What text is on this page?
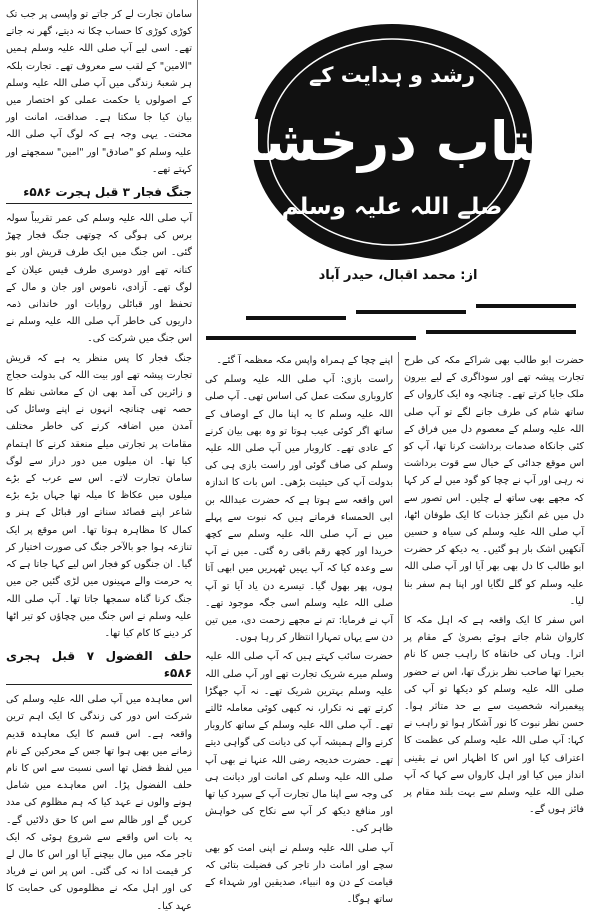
رشد و ہدایت کے
آفتاب درخشاں
صلے اللہ علیہ وسلم
از: محمد اقبال، حیدر آباد

حضرت ابو طالب بھی شراکے مکہ کی طرح تجارت پیشہ تھے اور سوداگری کے لیے بیرون ملک جایا کرتے تھے۔ چنانچہ وہ ایک کارواں کے ساتھ شام کی طرف جانے لگے تو آپ صلی اللہ علیہ وسلم کے معصوم دل میں فراق کے کئی جانکاہ صدمات برداشت کرنا تھا، آپ کو اس موقع جدائی کے خیال سے قوت برداشت نہ رہی اور آپ نے چچا کو گود میں لے کر کہا کہ مجھے بھی ساتھ لے چلیں۔ اس تصور سے دل میں غم انگیز جذبات کا ایک طوفان اٹھا، آپ صلی اللہ علیہ وسلم کی سیاہ و حسین آنکھیں اشک بار ہو گئیں۔ یہ دیکھ کر حضرت ابو طالب کا دل بھی بھر آیا اور آپ صلی اللہ علیہ وسلم کو گلے لگایا اور اپنا ہم سفر بنا لیا۔

اس سفر کا ایک واقعہ ہے کہ اہل مکہ کا کاروان شام جاتے ہوئے بصریٰ کے مقام پر اترا۔ وہاں کی خانقاہ کا راہب جس کا نام بحیرا تھا صاحب نظر بزرگ تھا، اس نے حضور صلی اللہ علیہ وسلم کو دیکھا تو آپ کی پیغمبرانہ شخصیت سے بے حد متاثر ہوا۔ حسن نظر نبوت کا نور آشکار ہوا تو راہب نے کہا: آپ صلی اللہ علیہ وسلم کی عظمت کا اعتراف کیا اور اس کا اظہار اس نے یقینی انداز میں کیا اور اہل کارواں سے کہا کہ آپ صلی اللہ علیہ وسلم سے بہت بلند مقام پر فائز ہوں گے۔

اپنے چچا کے ہمراہ واپس مکہ معظمہ آ گئے۔

راست بازی: آپ صلی اللہ علیہ وسلم کی کاروباری سکت عمل کی اساس تھی۔ آپ صلی اللہ علیہ وسلم کا یہ اپنا مال کے اوصاف کے ساتھ اگر کوئی عیب ہوتا تو وہ بھی بیان کرنے کے عادی تھے۔ کاروبار میں آپ صلی اللہ علیہ وسلم کی صاف گوئی اور راست بازی ہی کی بدولت آپ کی حیثیت بڑھی۔ اس بات کا اندازہ اس واقعہ سے ہوتا ہے کہ حضرت عبداللہ بن ابی الحمساء فرماتے ہیں کہ نبوت سے پہلے میں نے آپ صلی اللہ علیہ وسلم سے کچھ خریدا اور کچھ رقم باقی رہ گئی۔ میں نے آپ سے وعدہ کیا کہ آپ یہیں ٹھہریں میں ابھی آتا ہوں، پھر بھول گیا۔ تیسرے دن یاد آیا تو آپ صلی اللہ علیہ وسلم اسی جگہ موجود تھے۔ آپ نے فرمایا: تم نے مجھے زحمت دی، میں تین دن سے یہاں تمہارا انتظار کر رہا ہوں۔

حضرت سائب کہتے ہیں کہ آپ صلی اللہ علیہ وسلم میرے شریک تجارت تھے اور آپ صلی اللہ علیہ وسلم بہترین شریک تھے۔ نہ آپ جھگڑا کرتے تھے نہ تکرار، نہ کبھی کوئی معاملہ ٹالتے تھے۔ آپ صلی اللہ علیہ وسلم کے ساتھ کاروبار کرنے والے ہمیشہ آپ کی دیانت کی گواہی دیتے تھے۔ حضرت خدیجہ رضی اللہ عنہا نے بھی آپ صلی اللہ علیہ وسلم کی امانت اور دیانت ہی کی وجہ سے اپنا مال تجارت آپ کے سپرد کیا تھا اور منافع دیکھ کر آپ سے نکاح کی خواہش ظاہر کی۔

آپ صلی اللہ علیہ وسلم نے اپنی امت کو بھی سچے اور امانت دار تاجر کی فضیلت بتائی کہ قیامت کے دن وہ انبیاء، صدیقین اور شہداء کے ساتھ ہوگا۔

سامان تجارت لے کر جاتے تو واپسی پر جب تک کوڑی کوڑی کا حساب چکا نہ دیتے، گھر نہ جاتے تھے۔ اسی لیے آپ صلی اللہ علیہ وسلم ہمیں "الامین" کے لقب سے معروف تھے۔ تجارت بلکہ ہر شعبۂ زندگی میں آپ صلی اللہ علیہ وسلم کے اصولوں یا حکمت عملی کو اختصار میں بیان کیا جا سکتا ہے۔ صداقت، امانت اور محنت۔ یہی وجہ ہے کہ لوگ آپ صلی اللہ علیہ وسلم کو "صادق" اور "امین" سمجھتے اور کہتے تھے۔

جنگ فجار ۳ قبل ہجرت ۵۸۶ء

آپ صلی اللہ علیہ وسلم کی عمر تقریباً سولہ برس کی ہوگی کہ چوتھی جنگ فجار چھڑ گئی۔ اس جنگ میں ایک طرف قریش اور بنو کنانہ تھے اور دوسری طرف قیس عیلان کے لوگ تھے۔ آزادی، ناموس اور جان و مال کے تحفظ اور قبائلی روایات اور خاندانی ذمہ داریوں کی خاطر آپ صلی اللہ علیہ وسلم نے اس جنگ میں شرکت کی۔

جنگ فجار کا پس منظر یہ ہے کہ قریش تجارت پیشہ تھے اور بیت اللہ کی بدولت حجاج و زائرین کی آمد بھی ان کے معاشی نظم کا حصہ تھی چنانچہ انہوں نے اپنے وسائل کی آمدن میں اضافہ کرنے کی خاطر مختلف مقامات پر تجارتی میلے منعقد کرنے کا اہتمام کیا تھا۔ ان میلوں میں دور دراز سے لوگ سامان تجارت لاتے۔ اس سے عرب کے بڑے میلوں میں عکاظ کا میلہ تھا جہاں بڑے بڑے شاعر اپنے قصائد سناتے اور قبائل کے ہنر و کمال کا مظاہرہ ہوتا تھا۔ اس موقع پر ایک تنازعہ ہوا جو بالآخر جنگ کی صورت اختیار کر گیا۔ ان جنگوں کو فجار اس لیے کہا جاتا ہے کہ یہ حرمت والے مہینوں میں لڑی گئیں جن میں جنگ کرنا گناہ سمجھا جاتا تھا۔ آپ صلی اللہ علیہ وسلم نے اس جنگ میں چچاؤں کو تیر اٹھا کر دینے کا کام کیا تھا۔

حلف الفضول ۷ قبل ہجری ۵۸۶ء

اس معاہدہ میں آپ صلی اللہ علیہ وسلم کی شرکت اس دور کی زندگی کا ایک اہم ترین واقعہ ہے۔ اس قسم کا ایک معاہدہ قدیم زمانے میں بھی ہوا تھا جس کے محرکین کے نام میں لفظ فضل تھا اسی نسبت سے اس کا نام حلف الفضول پڑا۔ اس معاہدے میں شامل ہونے والوں نے عہد کیا کہ ہم مظلوم کی مدد کریں گے اور ظالم سے اس کا حق دلائیں گے۔ یہ بات اس واقعے سے شروع ہوئی کہ ایک تاجر مکہ میں مال بیچنے آیا اور اس کا مال لے کر قیمت ادا نہ کی گئی۔ اس پر اس نے فریاد کی اور اہل مکہ نے مظلوموں کی حمایت کا عہد کیا۔
